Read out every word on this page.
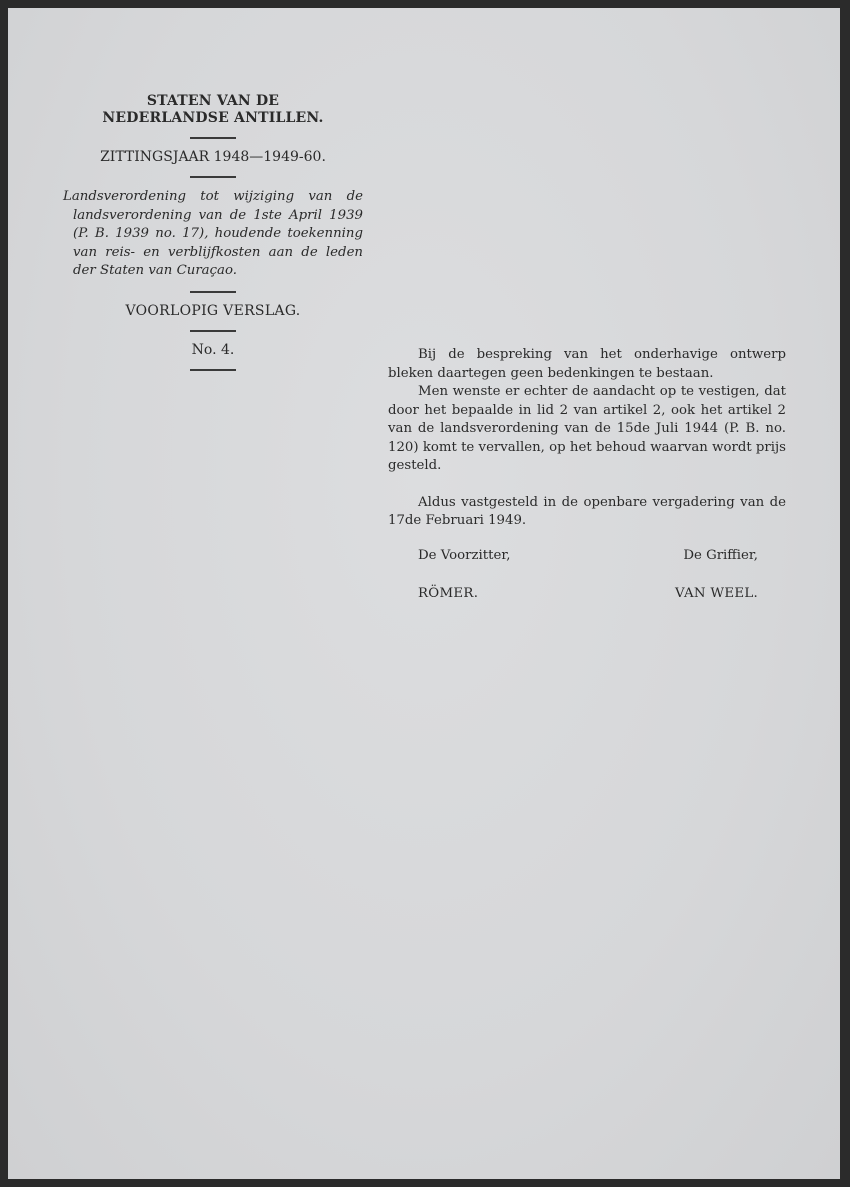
STATEN VAN DE
NEDERLANDSE ANTILLEN.
ZITTINGSJAAR 1948—1949-60.

Landsverordening tot wijziging van de landsverordening van de 1ste April 1939 (P. B. 1939 no. 17), houdende toekenning van reis- en verblijfkosten aan de leden der Staten van Curaçao.

VOORLOPIG VERSLAG.
No. 4.	Bij de bespreking van het onderhavige ontwerp bleken daartegen geen bedenkingen te bestaan.

Men wenste er echter de aandacht op te vestigen, dat door het bepaalde in lid 2 van artikel 2, ook het artikel 2 van de landsverordening van de 15de Juli 1944 (P. B. no. 120) komt te vervallen, op het behoud waarvan wordt prijs gesteld.

Aldus vastgesteld in de openbare vergadering van de 17de Februari 1949.

De Voorzitter,	De Griffier,
RÖMER.	VAN WEEL.
